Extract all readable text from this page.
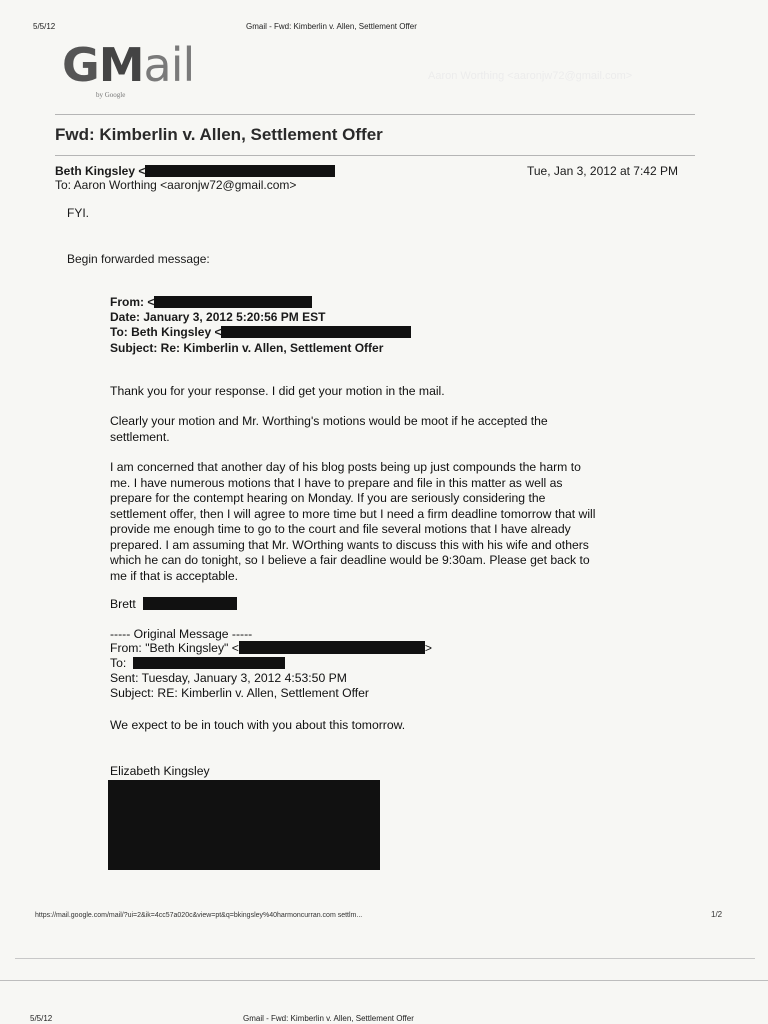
5/5/12	Gmail - Fwd: Kimberlin v. Allen, Settlement Offer
GMail
by Google
Aaron Worthing <aaronjw72@gmail.com>
Fwd: Kimberlin v. Allen, Settlement Offer
Beth Kingsley <	Tue, Jan 3, 2012 at 7:42 PM
To: Aaron Worthing <aaronjw72@gmail.com>
FYI.
Begin forwarded message:
From: <
Date: January 3, 2012 5:20:56 PM EST
To: Beth Kingsley <
Subject: Re: Kimberlin v. Allen, Settlement Offer
Thank you for your response. I did get your motion in the mail.
Clearly your motion and Mr. Worthing's motions would be moot if he accepted the
settlement.
I am concerned that another day of his blog posts being up just compounds the harm to
me. I have numerous motions that I have to prepare and file in this matter as well as
prepare for the contempt hearing on Monday. If you are seriously considering the
settlement offer, then I will agree to more time but I need a firm deadline tomorrow that will
provide me enough time to go to the court and file several motions that I have already
prepared. I am assuming that Mr. WOrthing wants to discuss this with his wife and others
which he can do tonight, so I believe a fair deadline would be 9:30am. Please get back to
me if that is acceptable.
Brett
----- Original Message -----
From: "Beth Kingsley" <	>
To:
Sent: Tuesday, January 3, 2012 4:53:50 PM
Subject: RE: Kimberlin v. Allen, Settlement Offer
We expect to be in touch with you about this tomorrow.
Elizabeth Kingsley
https://mail.google.com/mail/?ui=2&ik=4cc57a020c&view=pt&q=bkingsley%40harmoncurran.com settlm...	1/2
5/5/12	Gmail - Fwd: Kimberlin v. Allen, Settlement Offer
